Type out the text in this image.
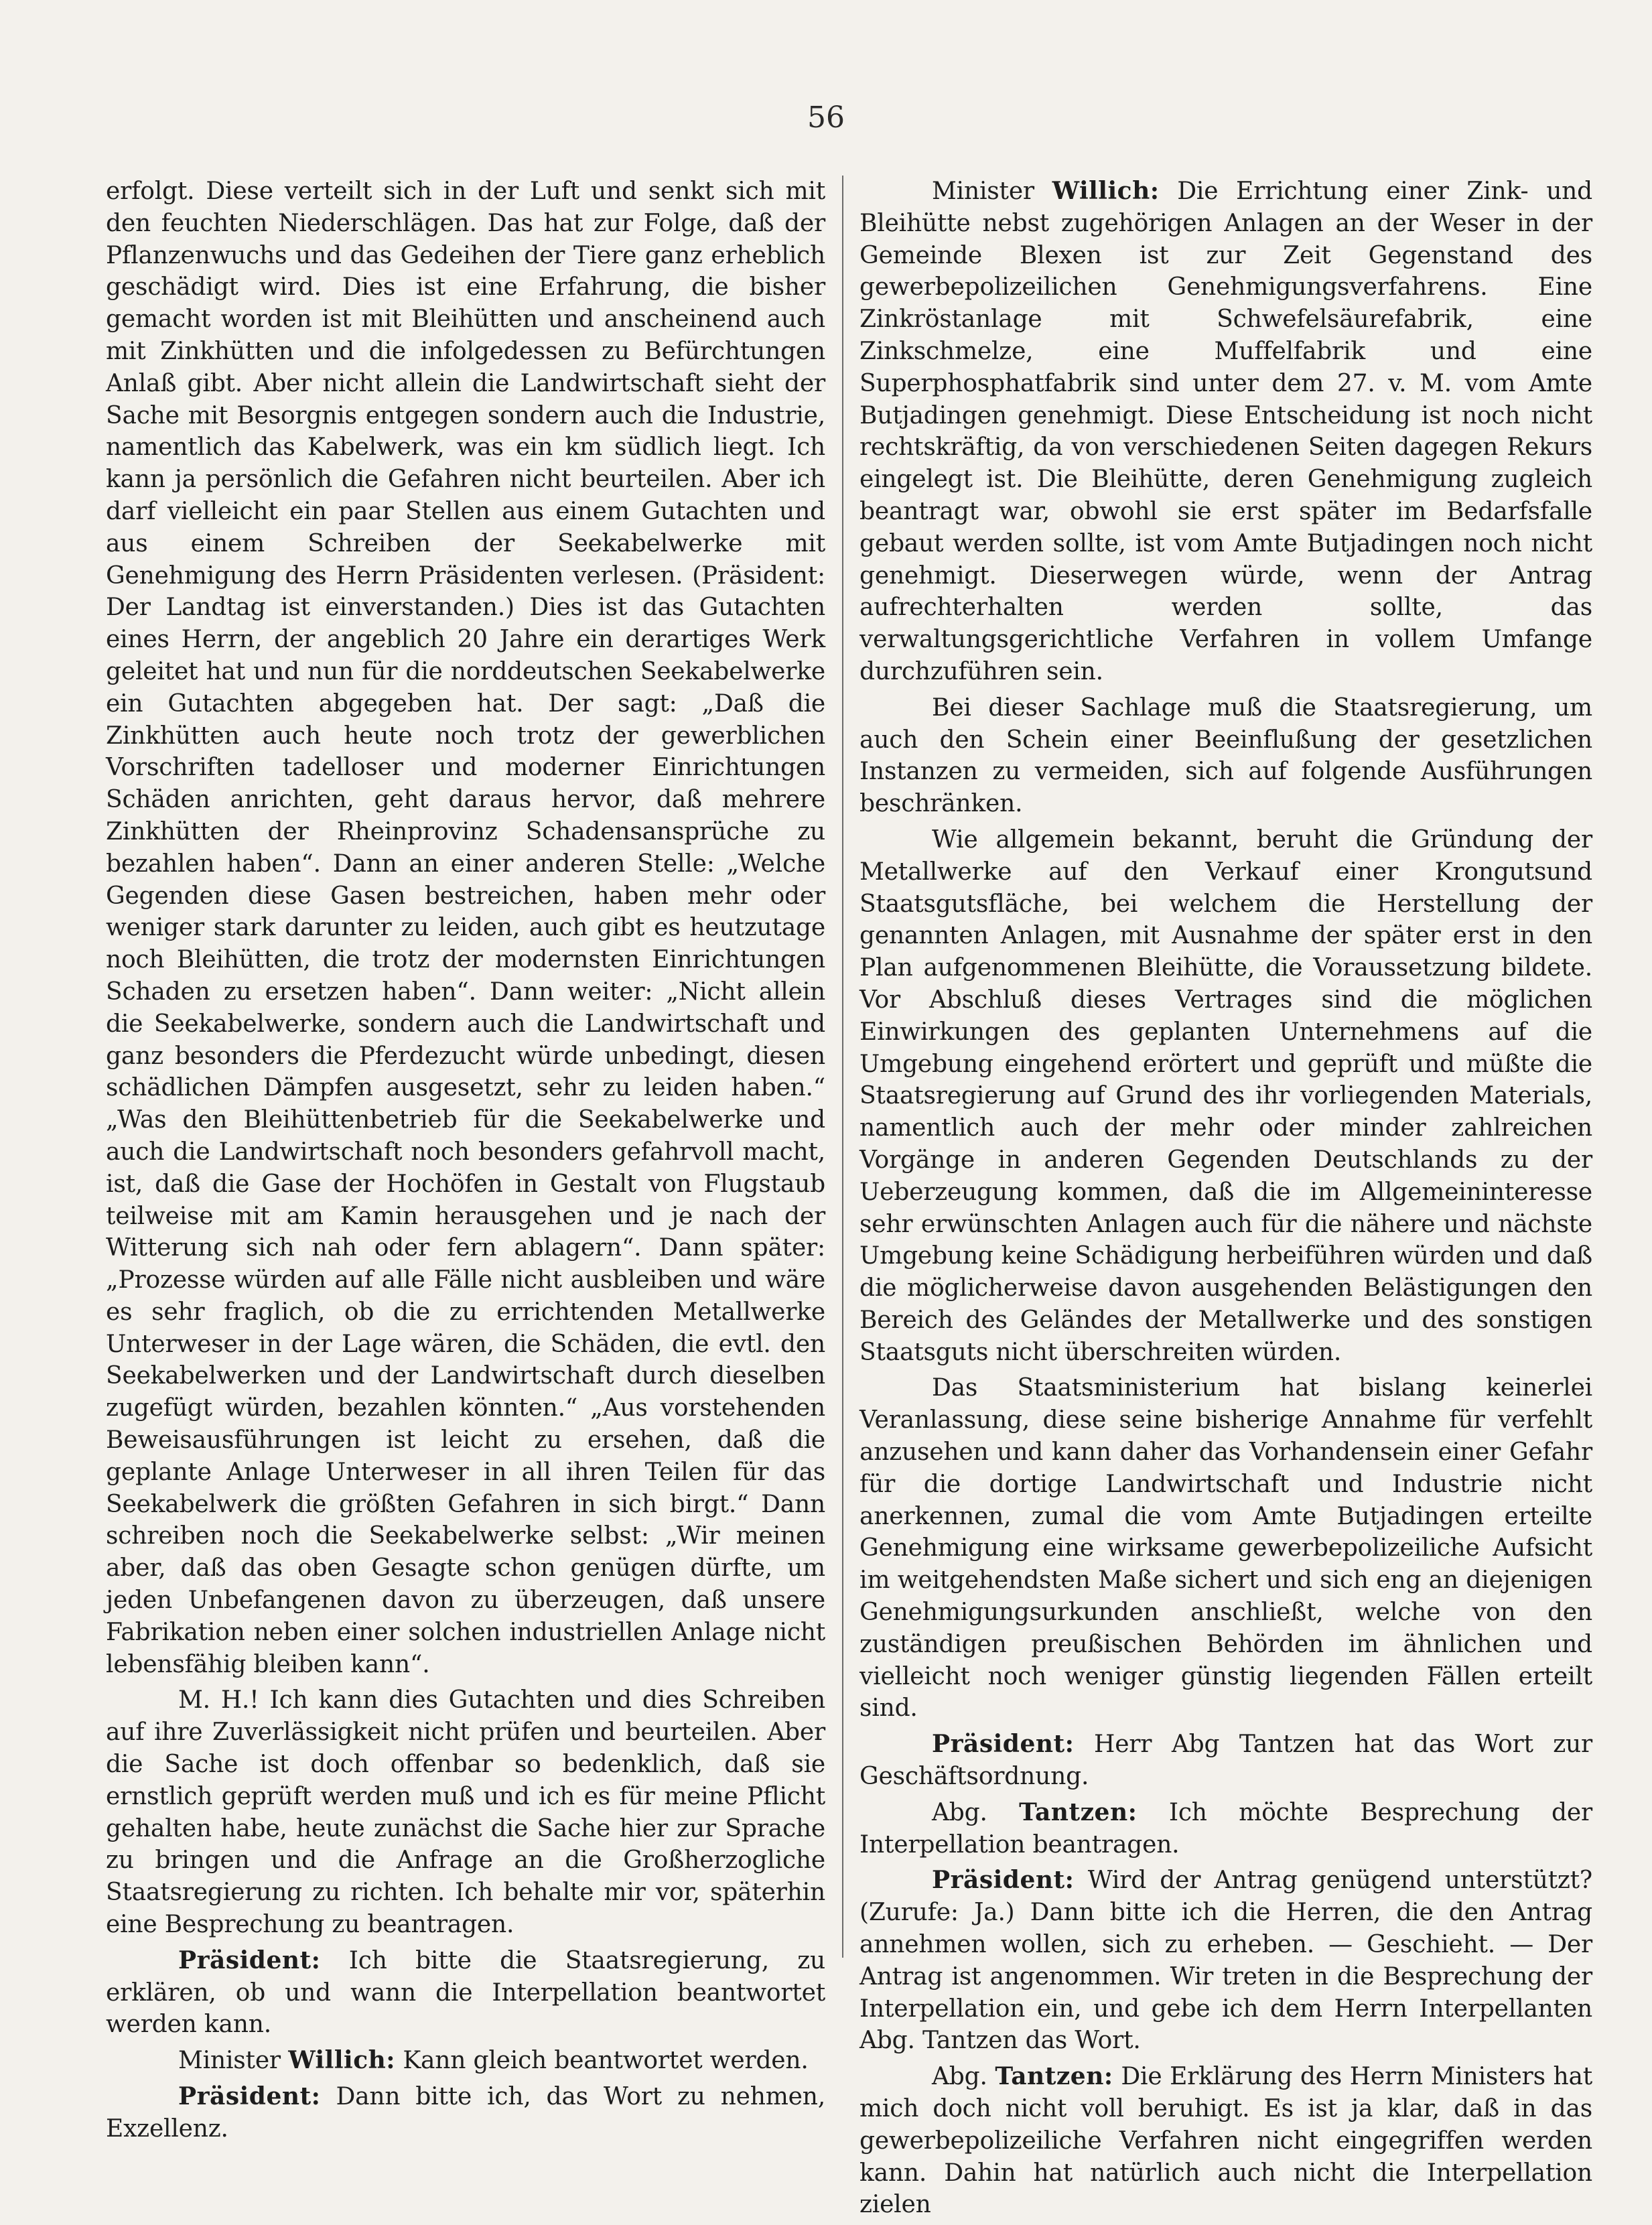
56

erfolgt. Diese verteilt sich in der Luft und senkt sich mit den feuchten Niederschlägen. Das hat zur Folge, daß der Pflanzenwuchs und das Gedeihen der Tiere ganz erheblich geschädigt wird. Dies ist eine Erfahrung, die bisher gemacht worden ist mit Bleihütten und anscheinend auch mit Zinkhütten und die infolgedessen zu Befürchtungen Anlaß gibt. Aber nicht allein die Landwirtschaft sieht der Sache mit Besorgnis entgegen sondern auch die Industrie, namentlich das Kabelwerk, was ein km südlich liegt. Ich kann ja persönlich die Gefahren nicht beurteilen. Aber ich darf vielleicht ein paar Stellen aus einem Gutachten und aus einem Schreiben der Seekabelwerke mit Genehmigung des Herrn Präsidenten verlesen. (Präsident: Der Landtag ist einverstanden.) Dies ist das Gutachten eines Herrn, der angeblich 20 Jahre ein derartiges Werk geleitet hat und nun für die norddeutschen Seekabelwerke ein Gutachten abgegeben hat. Der sagt: „Daß die Zinkhütten auch heute noch trotz der gewerblichen Vorschriften tadelloser und moderner Einrichtungen Schäden anrichten, geht daraus hervor, daß mehrere Zinkhütten der Rheinprovinz Schadensansprüche zu bezahlen haben“. Dann an einer anderen Stelle: „Welche Gegenden diese Gasen bestreichen, haben mehr oder weniger stark darunter zu leiden, auch gibt es heutzutage noch Bleihütten, die trotz der modernsten Einrichtungen Schaden zu ersetzen haben“. Dann weiter: „Nicht allein die Seekabelwerke, sondern auch die Landwirtschaft und ganz besonders die Pferdezucht würde unbedingt, diesen schädlichen Dämpfen ausgesetzt, sehr zu leiden haben.“ „Was den Bleihüttenbetrieb für die Seekabelwerke und auch die Landwirtschaft noch besonders gefahrvoll macht, ist, daß die Gase der Hochöfen in Gestalt von Flugstaub teilweise mit am Kamin herausgehen und je nach der Witterung sich nah oder fern ablagern“. Dann später: „Prozesse würden auf alle Fälle nicht ausbleiben und wäre es sehr fraglich, ob die zu errichtenden Metallwerke Unterweser in der Lage wären, die Schäden, die evtl. den Seekabelwerken und der Landwirtschaft durch dieselben zugefügt würden, bezahlen könnten.“ „Aus vorstehenden Beweisausführungen ist leicht zu ersehen, daß die geplante Anlage Unterweser in all ihren Teilen für das Seekabelwerk die größten Gefahren in sich birgt.“ Dann schreiben noch die Seekabelwerke selbst: „Wir meinen aber, daß das oben Gesagte schon genügen dürfte, um jeden Unbefangenen davon zu überzeugen, daß unsere Fabrikation neben einer solchen industriellen Anlage nicht lebensfähig bleiben kann“.

M. H.! Ich kann dies Gutachten und dies Schreiben auf ihre Zuverlässigkeit nicht prüfen und beurteilen. Aber die Sache ist doch offenbar so bedenklich, daß sie ernstlich geprüft werden muß und ich es für meine Pflicht gehalten habe, heute zunächst die Sache hier zur Sprache zu bringen und die Anfrage an die Großherzogliche Staatsregierung zu richten. Ich behalte mir vor, späterhin eine Besprechung zu beantragen.

Präsident: Ich bitte die Staatsregierung, zu erklären, ob und wann die Interpellation beantwortet werden kann.

Minister Willich: Kann gleich beantwortet werden.

Präsident: Dann bitte ich, das Wort zu nehmen, Exzellenz.

Minister Willich: Die Errichtung einer Zink- und Bleihütte nebst zugehörigen Anlagen an der Weser in der Gemeinde Blexen ist zur Zeit Gegenstand des gewerbepolizeilichen Genehmigungsverfahrens. Eine Zinkröstanlage mit Schwefelsäurefabrik, eine Zinkschmelze, eine Muffelfabrik und eine Superphosphatfabrik sind unter dem 27. v. M. vom Amte Butjadingen genehmigt. Diese Entscheidung ist noch nicht rechtskräftig, da von verschiedenen Seiten dagegen Rekurs eingelegt ist. Die Bleihütte, deren Genehmigung zugleich beantragt war, obwohl sie erst später im Bedarfsfalle gebaut werden sollte, ist vom Amte Butjadingen noch nicht genehmigt. Dieserwegen würde, wenn der Antrag aufrechterhalten werden sollte, das verwaltungsgerichtliche Verfahren in vollem Umfange durchzuführen sein.

Bei dieser Sachlage muß die Staatsregierung, um auch den Schein einer Beeinflußung der gesetzlichen Instanzen zu vermeiden, sich auf folgende Ausführungen beschränken.

Wie allgemein bekannt, beruht die Gründung der Metallwerke auf den Verkauf einer Krongutsund Staatsgutsfläche, bei welchem die Herstellung der genannten Anlagen, mit Ausnahme der später erst in den Plan aufgenommenen Bleihütte, die Voraussetzung bildete. Vor Abschluß dieses Vertrages sind die möglichen Einwirkungen des geplanten Unternehmens auf die Umgebung eingehend erörtert und geprüft und müßte die Staatsregierung auf Grund des ihr vorliegenden Materials, namentlich auch der mehr oder minder zahlreichen Vorgänge in anderen Gegenden Deutschlands zu der Ueberzeugung kommen, daß die im Allgemeininteresse sehr erwünschten Anlagen auch für die nähere und nächste Umgebung keine Schädigung herbeiführen würden und daß die möglicherweise davon ausgehenden Belästigungen den Bereich des Geländes der Metallwerke und des sonstigen Staatsguts nicht überschreiten würden.

Das Staatsministerium hat bislang keinerlei Veranlassung, diese seine bisherige Annahme für verfehlt anzusehen und kann daher das Vorhandensein einer Gefahr für die dortige Landwirtschaft und Industrie nicht anerkennen, zumal die vom Amte Butjadingen erteilte Genehmigung eine wirksame gewerbepolizeiliche Aufsicht im weitgehendsten Maße sichert und sich eng an diejenigen Genehmigungsurkunden anschließt, welche von den zuständigen preußischen Behörden im ähnlichen und vielleicht noch weniger günstig liegenden Fällen erteilt sind.

Präsident: Herr Abg Tantzen hat das Wort zur Geschäftsordnung.

Abg. Tantzen: Ich möchte Besprechung der Interpellation beantragen.

Präsident: Wird der Antrag genügend unterstützt? (Zurufe: Ja.) Dann bitte ich die Herren, die den Antrag annehmen wollen, sich zu erheben. — Geschieht. — Der Antrag ist angenommen. Wir treten in die Besprechung der Interpellation ein, und gebe ich dem Herrn Interpellanten Abg. Tantzen das Wort.

Abg. Tantzen: Die Erklärung des Herrn Ministers hat mich doch nicht voll beruhigt. Es ist ja klar, daß in das gewerbepolizeiliche Verfahren nicht eingegriffen werden kann. Dahin hat natürlich auch nicht die Interpellation zielen
